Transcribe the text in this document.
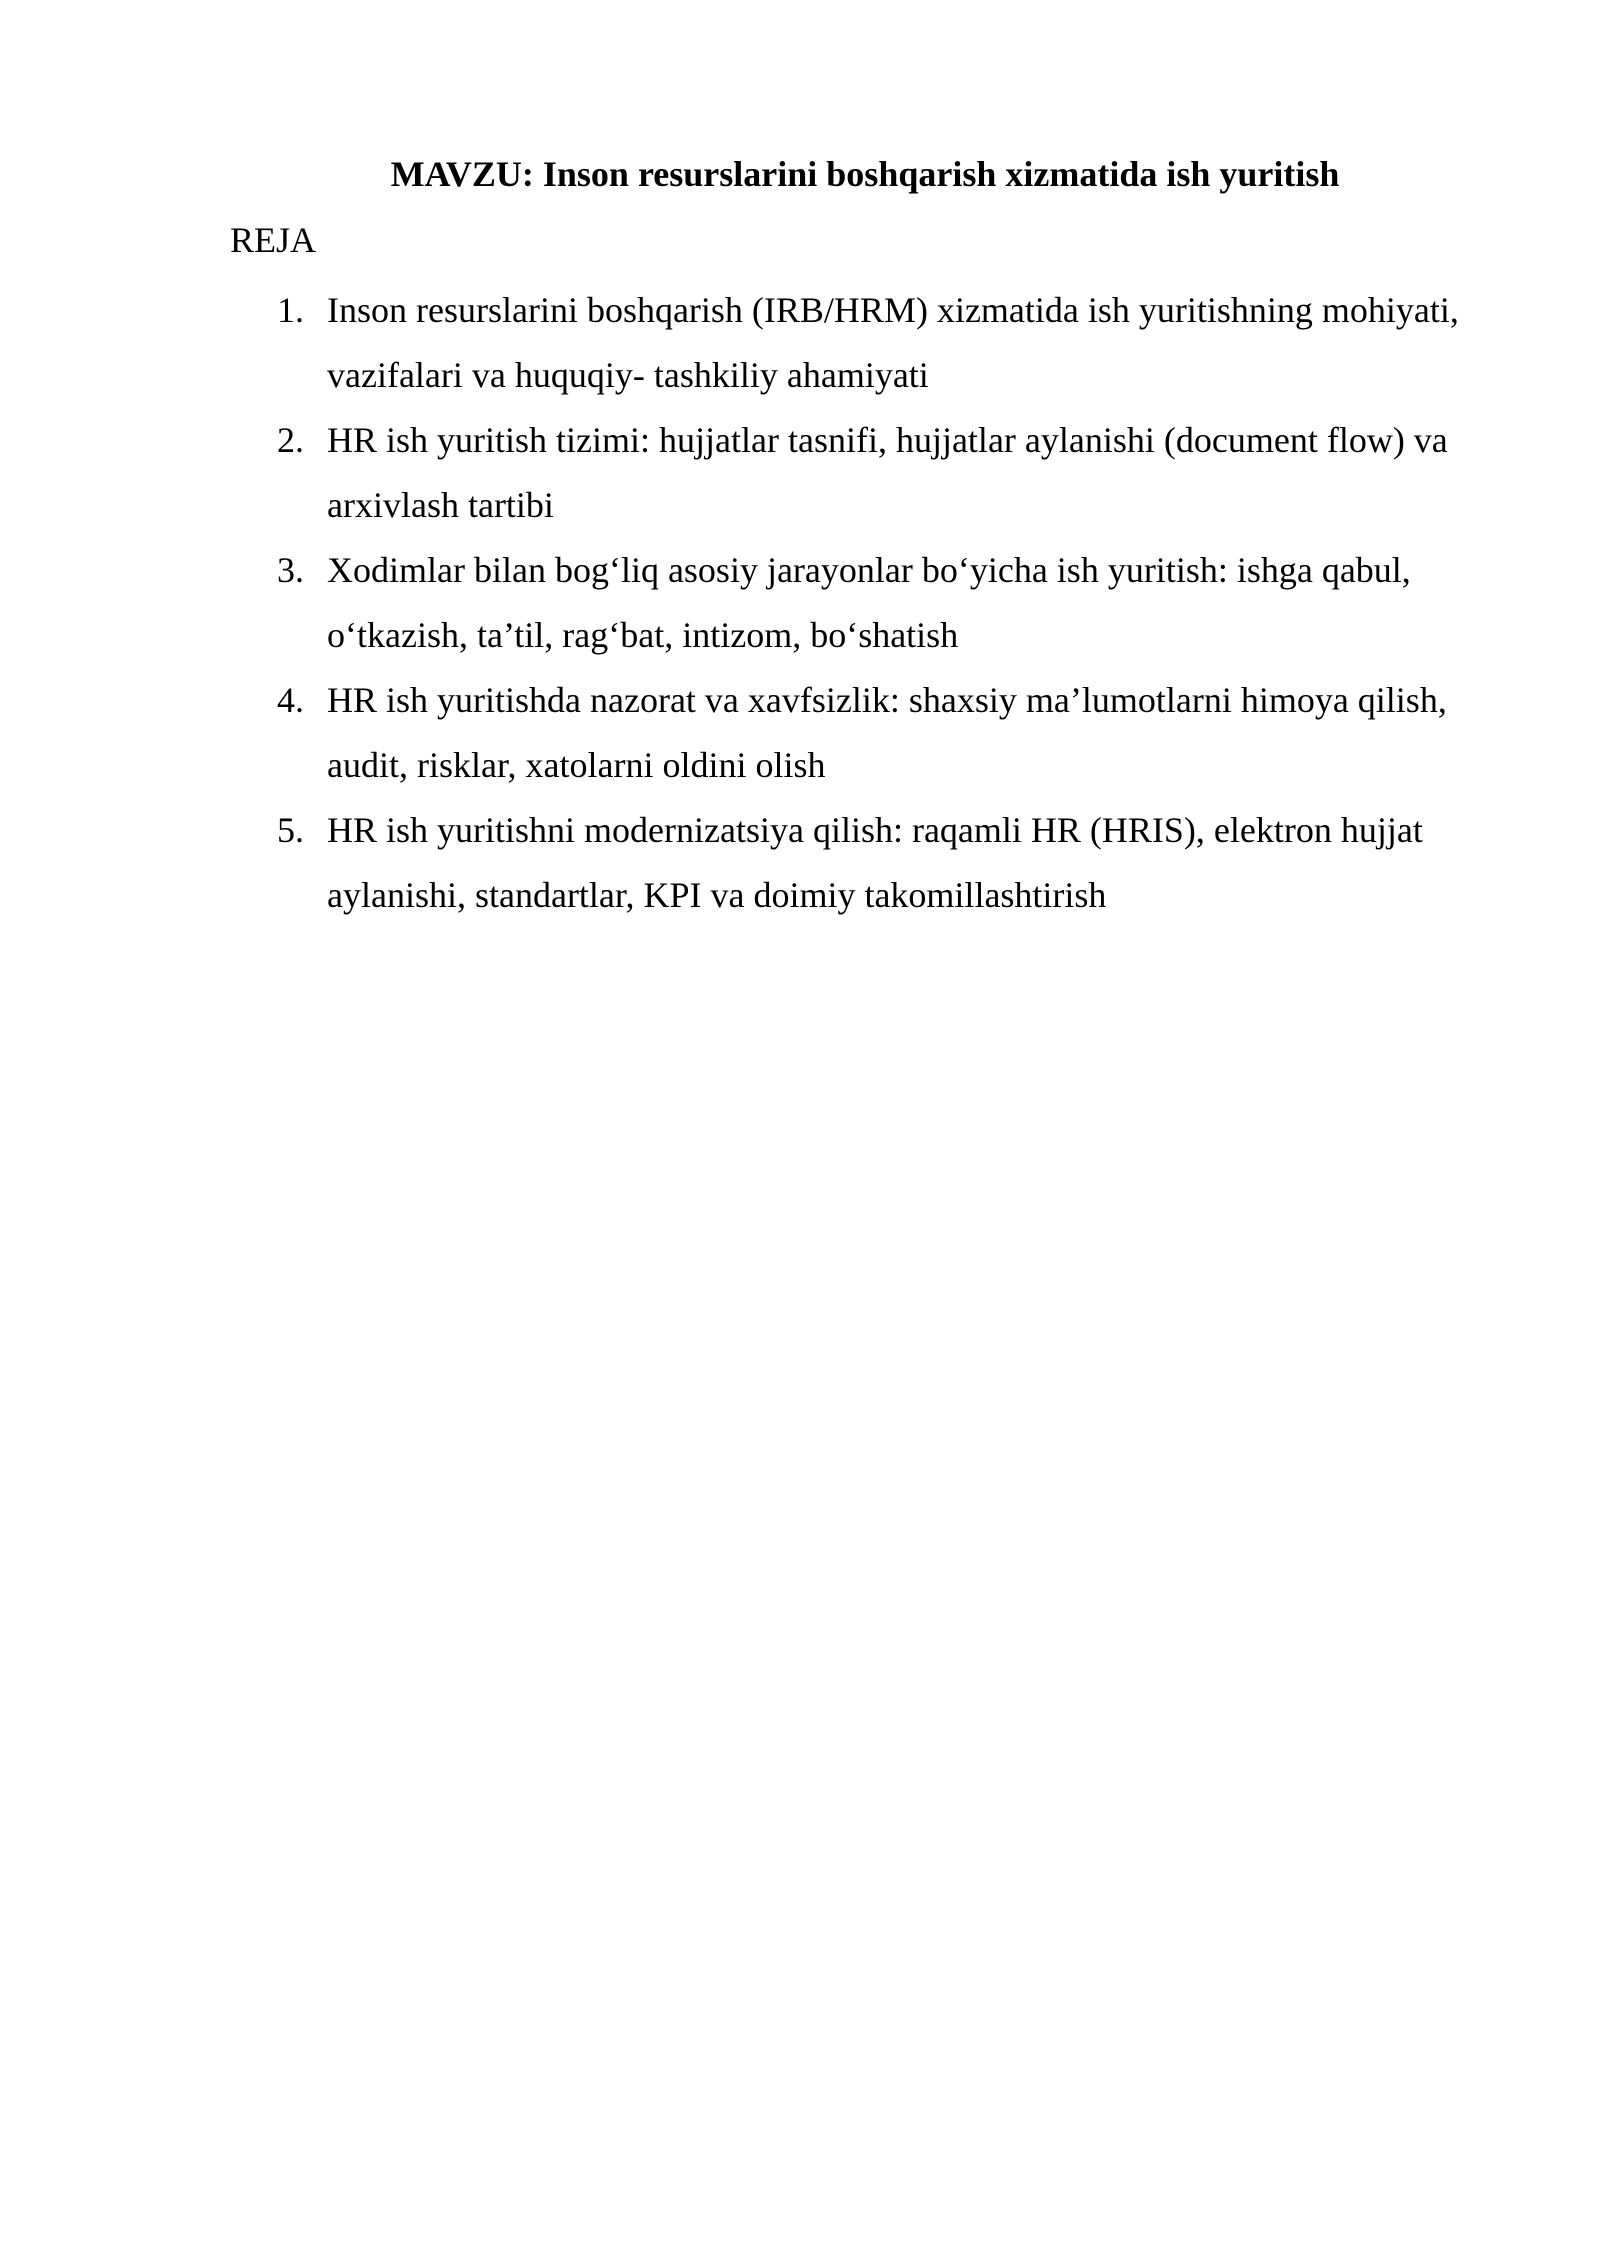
MAVZU: Inson resurslarini boshqarish xizmatida ish yuritish

REJA

1. Inson resurslarini boshqarish (IRB/HRM) xizmatida ish yuritishning mohiyati, vazifalari va huquqiy- tashkiliy ahamiyati
2. HR ish yuritish tizimi: hujjatlar tasnifi, hujjatlar aylanishi (document flow) va arxivlash tartibi
3. Xodimlar bilan bog‘liq asosiy jarayonlar bo‘yicha ish yuritish: ishga qabul, o‘tkazish, ta’til, rag‘bat, intizom, bo‘shatish
4. HR ish yuritishda nazorat va xavfsizlik: shaxsiy ma’lumotlarni himoya qilish, audit, risklar, xatolarni oldini olish
5. HR ish yuritishni modernizatsiya qilish: raqamli HR (HRIS), elektron hujjat aylanishi, standartlar, KPI va doimiy takomillashtirish
